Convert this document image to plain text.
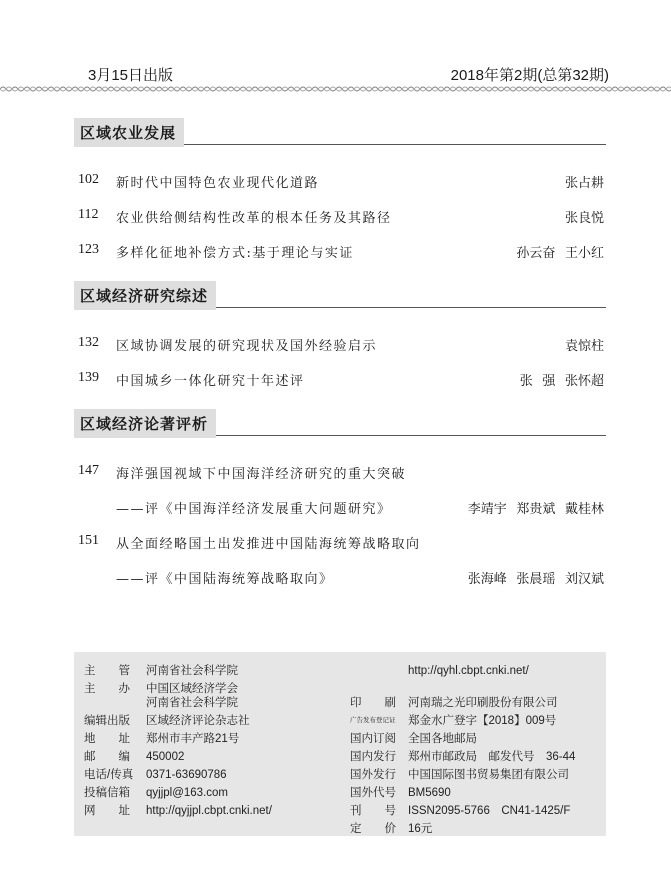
3月15日出版	2018年第2期(总第32期)
区域农业发展
102	新时代中国特色农业现代化道路	张占耕
112	农业供给侧结构性改革的根本任务及其路径	张良悦
123	多样化征地补偿方式:基于理论与实证	孙云奋 王小红
区域经济研究综述
132	区域协调发展的研究现状及国外经验启示	袁惊柱
139	中国城乡一体化研究十年述评	张 强 张怀超
区域经济论著评析
147	海洋强国视域下中国海洋经济研究的重大突破
——评《中国海洋经济发展重大问题研究》	李靖宇 郑贵斌 戴桂林
151	从全面经略国土出发推进中国陆海统筹战略取向
——评《中国陆海统筹战略取向》	张海峰 张晨瑶 刘汉斌
主　　管	河南省社会科学院
主　　办	中国区域经济学会
河南省社会科学院
编辑出版	区域经济评论杂志社
地　　址	郑州市丰产路21号
邮　　编	450002
电话/传真	0371-63690786
投稿信箱	qyjjpl@163.com
网　　址	http://qyjjpl.cbpt.cnki.net/
http://qyhl.cbpt.cnki.net/
印　　刷	河南瑞之光印刷股份有限公司
广告发布登记证	郑金水广登字【2018】009号
国内订阅	全国各地邮局
国内发行	郑州市邮政局　邮发代号　36-44
国外发行	中国国际图书贸易集团有限公司
国外代号	BM5690
刊　　号	ISSN2095-5766　CN41-1425/F
定　　价	16元
